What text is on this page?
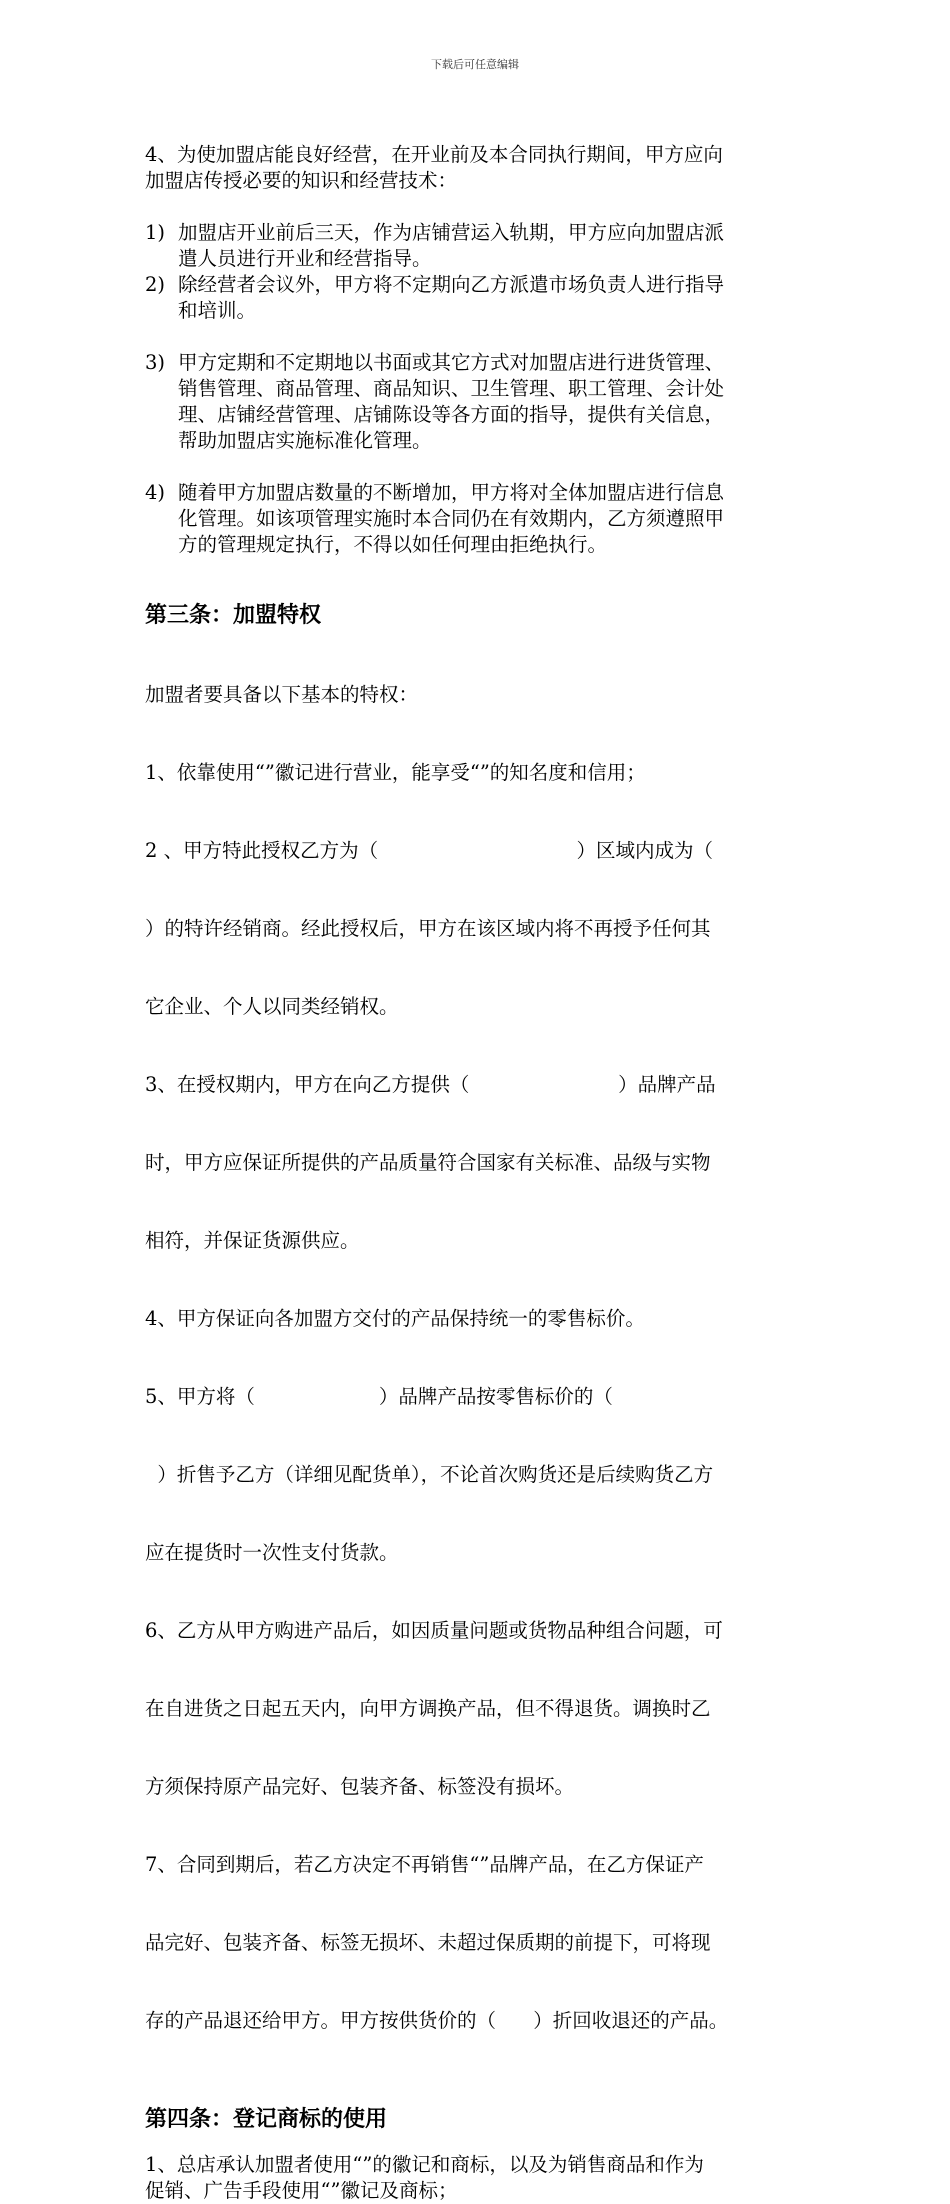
下载后可任意编辑

4、为使加盟店能良好经营，在开业前及本合同执行期间，甲方应向

加盟店传授必要的知识和经营技术：

1) 加盟店开业前后三天，作为店铺营运入轨期，甲方应向加盟店派
遣人员进行开业和经营指导。
2) 除经营者会议外，甲方将不定期向乙方派遣市场负责人进行指导
和培训。
3) 甲方定期和不定期地以书面或其它方式对加盟店进行进货管理、
销售管理、商品管理、商品知识、卫生管理、职工管理、会计处
理、店铺经营管理、店铺陈设等各方面的指导，提供有关信息，
帮助加盟店实施标准化管理。
4) 随着甲方加盟店数量的不断增加，甲方将对全体加盟店进行信息
化管理。如该项管理实施时本合同仍在有效期内，乙方须遵照甲
方的管理规定执行，不得以如任何理由拒绝执行。

第三条：加盟特权

加盟者要具备以下基本的特权：

1、依靠使用“”徽记进行营业，能享受“”的知名度和信用；

2 、甲方特此授权乙方为（                                ）区域内成为（

）的特许经销商。经此授权后，甲方在该区域内将不再授予任何其

它企业、个人以同类经销权。

3、在授权期内，甲方在向乙方提供（                        ）品牌产品

时，甲方应保证所提供的产品质量符合国家有关标准、品级与实物

相符，并保证货源供应。

4、甲方保证向各加盟方交付的产品保持统一的零售标价。

5、甲方将（                    ）品牌产品按零售标价的（

）折售予乙方（详细见配货单），不论首次购货还是后续购货乙方

应在提货时一次性支付货款。

6、乙方从甲方购进产品后，如因质量问题或货物品种组合问题，可

在自进货之日起五天内，向甲方调换产品，但不得退货。调换时乙

方须保持原产品完好、包装齐备、标签没有损坏。

7、合同到期后，若乙方决定不再销售“”品牌产品，在乙方保证产

品完好、包装齐备、标签无损坏、未超过保质期的前提下，可将现

存的产品退还给甲方。甲方按供货价的（      ）折回收退还的产品。

第四条：登记商标的使用

1、总店承认加盟者使用“”的徽记和商标，以及为销售商品和作为
促销、广告手段使用“”徽记及商标；
